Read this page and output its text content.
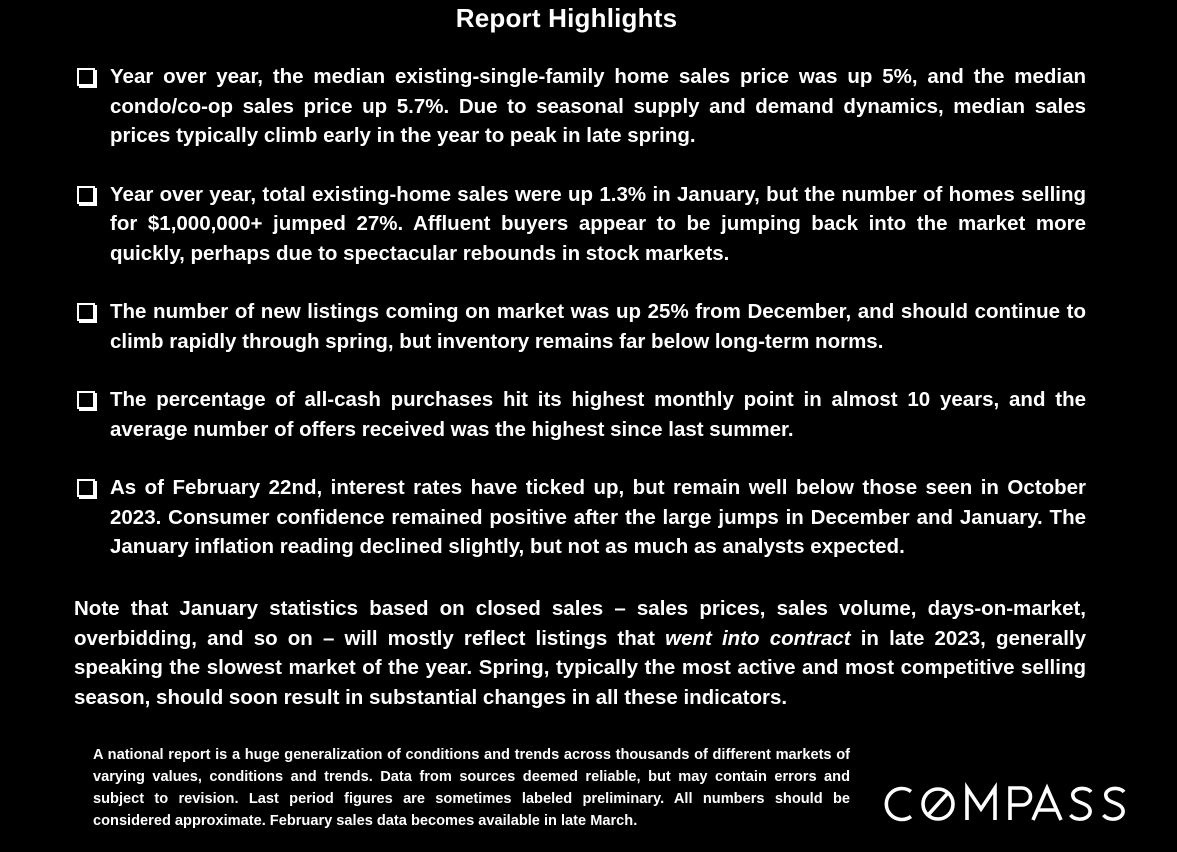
Report Highlights
Year over year, the median existing-single-family home sales price was up 5%, and the median condo/co-op sales price up 5.7%. Due to seasonal supply and demand dynamics, median sales prices typically climb early in the year to peak in late spring.
Year over year, total existing-home sales were up 1.3% in January, but the number of homes selling for $1,000,000+ jumped 27%. Affluent buyers appear to be jumping back into the market more quickly, perhaps due to spectacular rebounds in stock markets.
The number of new listings coming on market was up 25% from December, and should continue to climb rapidly through spring, but inventory remains far below long-term norms.
The percentage of all-cash purchases hit its highest monthly point in almost 10 years, and the average number of offers received was the highest since last summer.
As of February 22nd, interest rates have ticked up, but remain well below those seen in October 2023. Consumer confidence remained positive after the large jumps in December and January. The January inflation reading declined slightly, but not as much as analysts expected.
Note that January statistics based on closed sales – sales prices, sales volume, days-on-market, overbidding, and so on – will mostly reflect listings that went into contract in late 2023, generally speaking the slowest market of the year. Spring, typically the most active and most competitive selling season, should soon result in substantial changes in all these indicators.
A national report is a huge generalization of conditions and trends across thousands of different markets of varying values, conditions and trends. Data from sources deemed reliable, but may contain errors and subject to revision. Last period figures are sometimes labeled preliminary. All numbers should be considered approximate. February sales data becomes available in late March.
